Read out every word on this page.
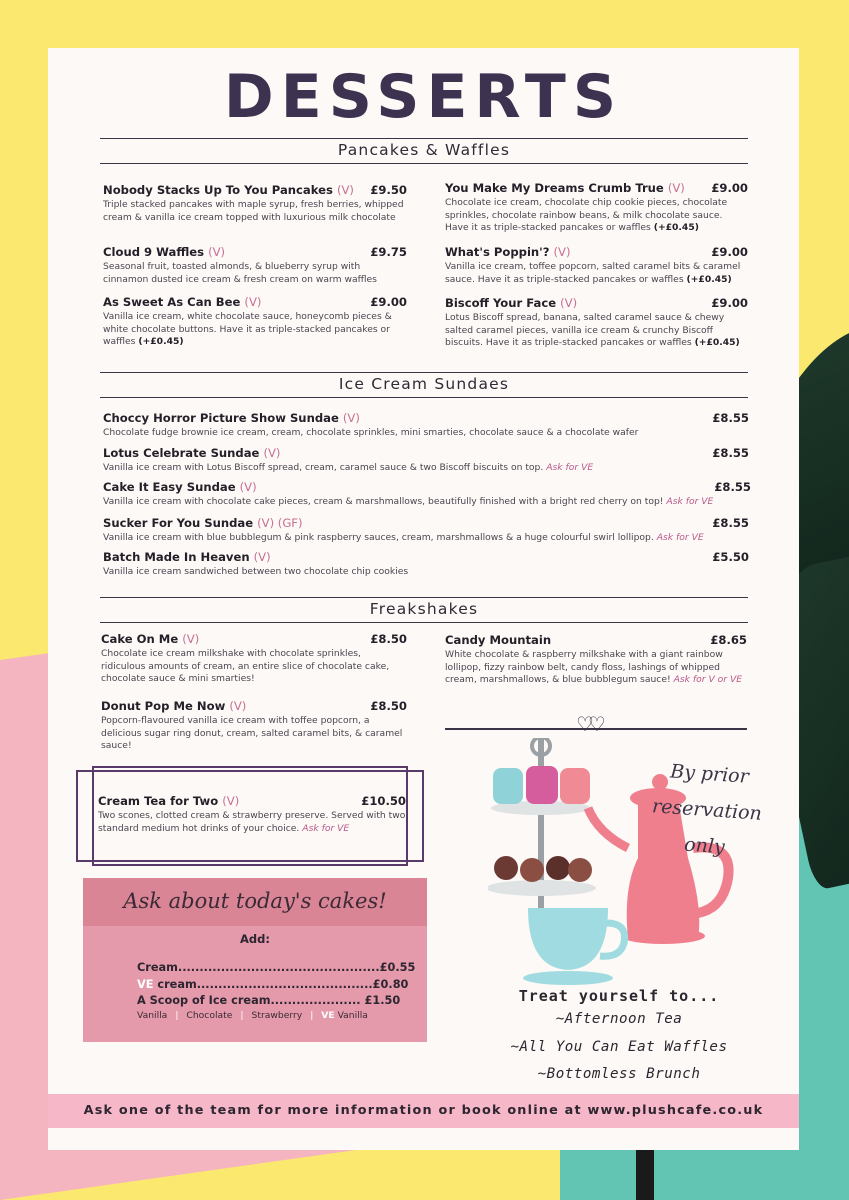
DESSERTS
Pancakes & Waffles
Nobody Stacks Up To You Pancakes (V) £9.50
Triple stacked pancakes with maple syrup, fresh berries, whipped cream & vanilla ice cream topped with luxurious milk chocolate
Cloud 9 Waffles (V)	£9.75
Seasonal fruit, toasted almonds, & blueberry syrup with cinnamon dusted ice cream & fresh cream on warm waffles
As Sweet As Can Bee (V)	£9.00
Vanilla ice cream, white chocolate sauce, honeycomb pieces & white chocolate buttons. Have it as triple-stacked pancakes or waffles (+£0.45)
You Make My Dreams Crumb True (V) £9.00
Chocolate ice cream, chocolate chip cookie pieces, chocolate sprinkles, chocolate rainbow beans, & milk chocolate sauce. Have it as triple-stacked pancakes or waffles (+£0.45)
What's Poppin'? (V)	£9.00
Vanilla ice cream, toffee popcorn, salted caramel bits & caramel sauce. Have it as triple-stacked pancakes or waffles (+£0.45)
Biscoff Your Face (V)	£9.00
Lotus Biscoff spread, banana, salted caramel sauce & chewy salted caramel pieces, vanilla ice cream & crunchy Biscoff biscuits. Have it as triple-stacked pancakes or waffles (+£0.45)
Ice Cream Sundaes
Choccy Horror Picture Show Sundae (V)	£8.55
Chocolate fudge brownie ice cream, cream, chocolate sprinkles, mini smarties, chocolate sauce & a chocolate wafer
Lotus Celebrate Sundae (V)	£8.55
Vanilla ice cream with Lotus Biscoff spread, cream, caramel sauce & two Biscoff biscuits on top. Ask for VE
Cake It Easy Sundae (V)	£8.55
Vanilla ice cream with chocolate cake pieces, cream & marshmallows, beautifully finished with a bright red cherry on top! Ask for VE
Sucker For You Sundae (V) (GF)	£8.55
Vanilla ice cream with blue bubblegum & pink raspberry sauces, cream, marshmallows & a huge colourful swirl lollipop. Ask for VE
Batch Made In Heaven (V)	£5.50
Vanilla ice cream sandwiched between two chocolate chip cookies
Freakshakes
Cake On Me (V)	£8.50
Chocolate ice cream milkshake with chocolate sprinkles, ridiculous amounts of cream, an entire slice of chocolate cake, chocolate sauce & mini smarties!
Donut Pop Me Now (V)	£8.50
Popcorn-flavoured vanilla ice cream with toffee popcorn, a delicious sugar ring donut, cream, salted caramel bits, & caramel sauce!
Candy Mountain	£8.65
White chocolate & raspberry milkshake with a giant rainbow lollipop, fizzy rainbow belt, candy floss, lashings of whipped cream, marshmallows, & blue bubblegum sauce! Ask for V or VE
♡♡
Cream Tea for Two (V)	£10.50
Two scones, clotted cream & strawberry preserve. Served with two standard medium hot drinks of your choice. Ask for VE
Ask about today's cakes!
Add:
Cream...............................................£0.55
VE cream.........................................£0.80
A Scoop of Ice cream..................... £1.50
Vanilla | Chocolate | Strawberry | VE Vanilla
By prior reservation only
Treat yourself to...
~Afternoon Tea
~All You Can Eat Waffles
~Bottomless Brunch
Ask one of the team for more information or book online at www.plushcafe.co.uk
